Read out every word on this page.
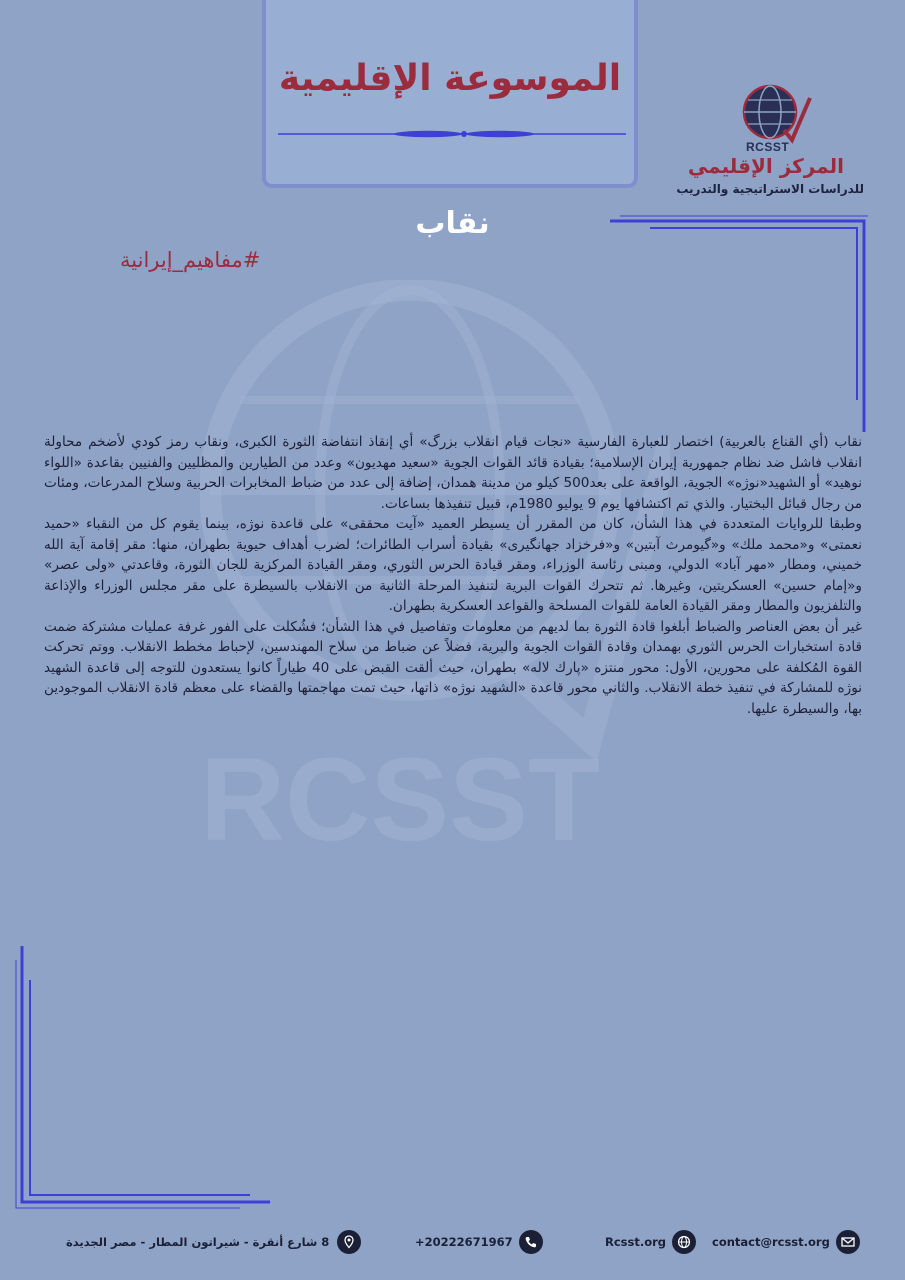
RCSST
الموسوعة الإقليمية
RCSST
المركز الإقليمي
للدراسات الاستراتيجية والتدريب
نقاب
#مفاهيم_إيرانية

نقاب (أي القناع بالعربية) اختصار للعبارة الفارسية «نجات قيام انقلاب بزرگ» أي إنقاذ انتفاضة الثورة الكبرى، ونقاب رمز كودي لأضخم محاولة انقلاب فاشل ضد نظام جمهورية إيران الإسلامية؛ بقيادة قائد القوات الجوية «سعيد مهديون» وعدد من الطيارين والمظليين والفنيين بقاعدة «اللواء نوهيد» أو الشهيد«نوژه» الجوية، الواقعة على بعد500 كيلو من مدينة همدان، إضافة إلى عدد من ضباط المخابرات الحربية وسلاح المدرعات، ومئات من رجال قبائل البختيار. والذي تم اكتشافها يوم 9 يوليو 1980م، قبيل تنفيذها بساعات.

وطبقا للروايات المتعددة في هذا الشأن، كان من المقرر أن يسيطر العميد «آيت محققى» على قاعدة نوژه، بينما يقوم كل من النقباء «حميد نعمتى» و«محمد ملك» و«گيومرث آبتين» و«فرخزاد جهانگيرى» بقيادة أسراب الطائرات؛ لضرب أهداف حيوية بطهران، منها: مقر إقامة آية الله خميني، ومطار «مهر آباد» الدولي، ومبنى رئاسة الوزراء، ومقر قيادة الحرس الثوري، ومقر القيادة المركزية للجان الثورة، وقاعدتي «ولى عصر» و«إمام حسين» العسكريتين، وغيرها. ثم تتحرك القوات البرية لتنفيذ المرحلة الثانية من الانقلاب بالسيطرة على مقر مجلس الوزراء والإذاعة والتلفزيون والمطار ومقر القيادة العامة للقوات المسلحة والقواعد العسكرية بطهران.

غير أن بعض العناصر والضباط أبلغوا قادة الثورة بما لديهم من معلومات وتفاصيل في هذا الشأن؛ فشُكلت على الفور غرفة عمليات مشتركة ضمت قادة استخبارات الحرس الثوري بهمدان وقادة القوات الجوية والبرية، فضلاً عن ضباط من سلاح المهندسين، لإحباط مخطط الانقلاب. ووتم تحركت القوة المُكلفة على محورين، الأول: محور منتزه «پارك لاله» بطهران، حيث ألقت القبض على 40 طياراً كانوا يستعدون للتوجه إلى قاعدة الشهيد نوژه للمشاركة في تنفيذ خطة الانقلاب. والثاني محور قاعدة «الشهيد نوژه» ذاتها، حيث تمت مهاجمتها والقضاء على معظم قادة الانقلاب الموجودين بها، والسيطرة عليها.

contact@rcsst.org
Rcsst.org
+20222671967
8 شارع أنقرة - شيراتون المطار - مصر الجديدة
